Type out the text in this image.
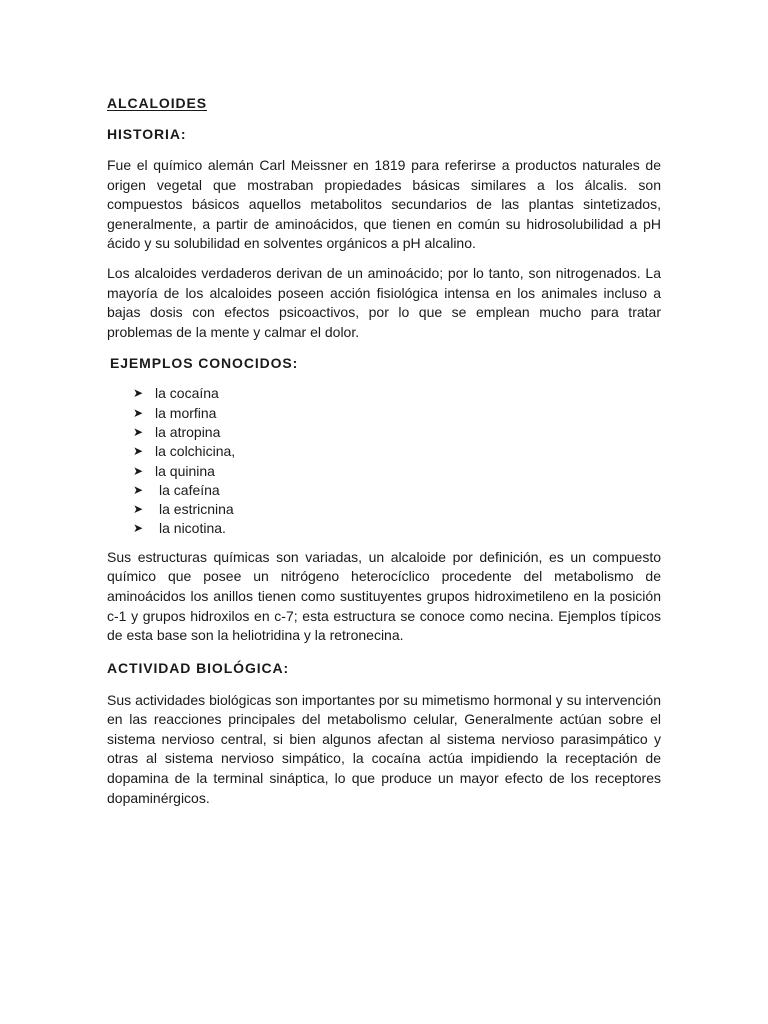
ALCALOIDES
HISTORIA:

Fue el químico alemán Carl Meissner en 1819 para referirse a productos naturales de origen vegetal que mostraban propiedades básicas similares a los álcalis. son compuestos básicos aquellos metabolitos secundarios de las plantas sintetizados, generalmente, a partir de aminoácidos, que tienen en común su hidrosolubilidad a pH ácido y su solubilidad en solventes orgánicos a pH alcalino.

Los alcaloides verdaderos derivan de un aminoácido; por lo tanto, son nitrogenados. La mayoría de los alcaloides poseen acción fisiológica intensa en los animales incluso a bajas dosis con efectos psicoactivos, por lo que se emplean mucho para tratar problemas de la mente y calmar el dolor.

EJEMPLOS CONOCIDOS:
➤ la cocaína
➤ la morfina
➤ la atropina
➤ la colchicina,
➤ la quinina
➤	la cafeína
➤	la estricnina
➤	la nicotina.

Sus estructuras químicas son variadas, un alcaloide por definición, es un compuesto químico que posee un nitrógeno heterocíclico procedente del metabolismo de aminoácidos los anillos tienen como sustituyentes grupos hidroximetileno en la posición c-1 y grupos hidroxilos en c-7; esta estructura se conoce como necina. Ejemplos típicos de esta base son la heliotridina y la retronecina.

ACTIVIDAD BIOLÓGICA:

Sus actividades biológicas son importantes por su mimetismo hormonal y su intervención en las reacciones principales del metabolismo celular, Generalmente actúan sobre el sistema nervioso central, si bien algunos afectan al sistema nervioso parasimpático y otras al sistema nervioso simpático, la cocaína actúa impidiendo la receptación de dopamina de la terminal sináptica, lo que produce un mayor efecto de los receptores dopaminérgicos.
